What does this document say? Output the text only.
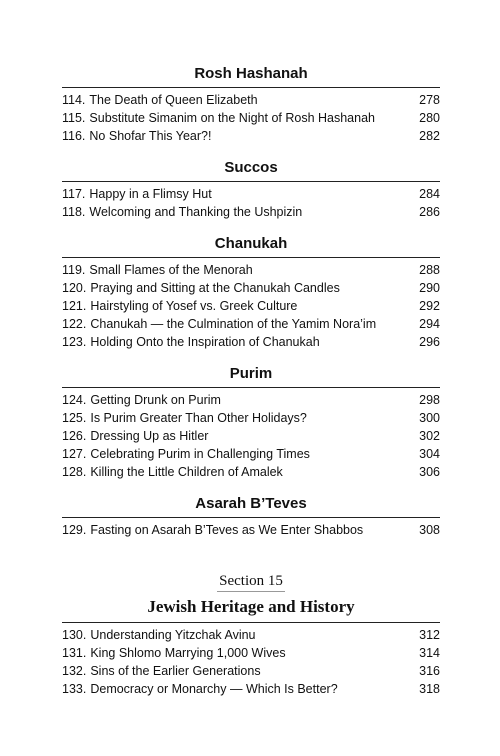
Rosh Hashanah
114. The Death of Queen Elizabeth	278
115. Substitute Simanim on the Night of Rosh Hashanah	280
116. No Shofar This Year?!	282
Succos
117. Happy in a Flimsy Hut	284
118. Welcoming and Thanking the Ushpizin	286
Chanukah
119. Small Flames of the Menorah	288
120. Praying and Sitting at the Chanukah Candles	290
121. Hairstyling of Yosef vs. Greek Culture	292
122. Chanukah — the Culmination of the Yamim Nora’im	294
123. Holding Onto the Inspiration of Chanukah	296
Purim
124. Getting Drunk on Purim	298
125. Is Purim Greater Than Other Holidays?	300
126. Dressing Up as Hitler	302
127. Celebrating Purim in Challenging Times	304
128. Killing the Little Children of Amalek	306
Asarah B’Teves
129. Fasting on Asarah B’Teves as We Enter Shabbos	308
Section 15
Jewish Heritage and History
130. Understanding Yitzchak Avinu	312
131. King Shlomo Marrying 1,000 Wives	314
132. Sins of the Earlier Generations	316
133. Democracy or Monarchy — Which Is Better?	318
